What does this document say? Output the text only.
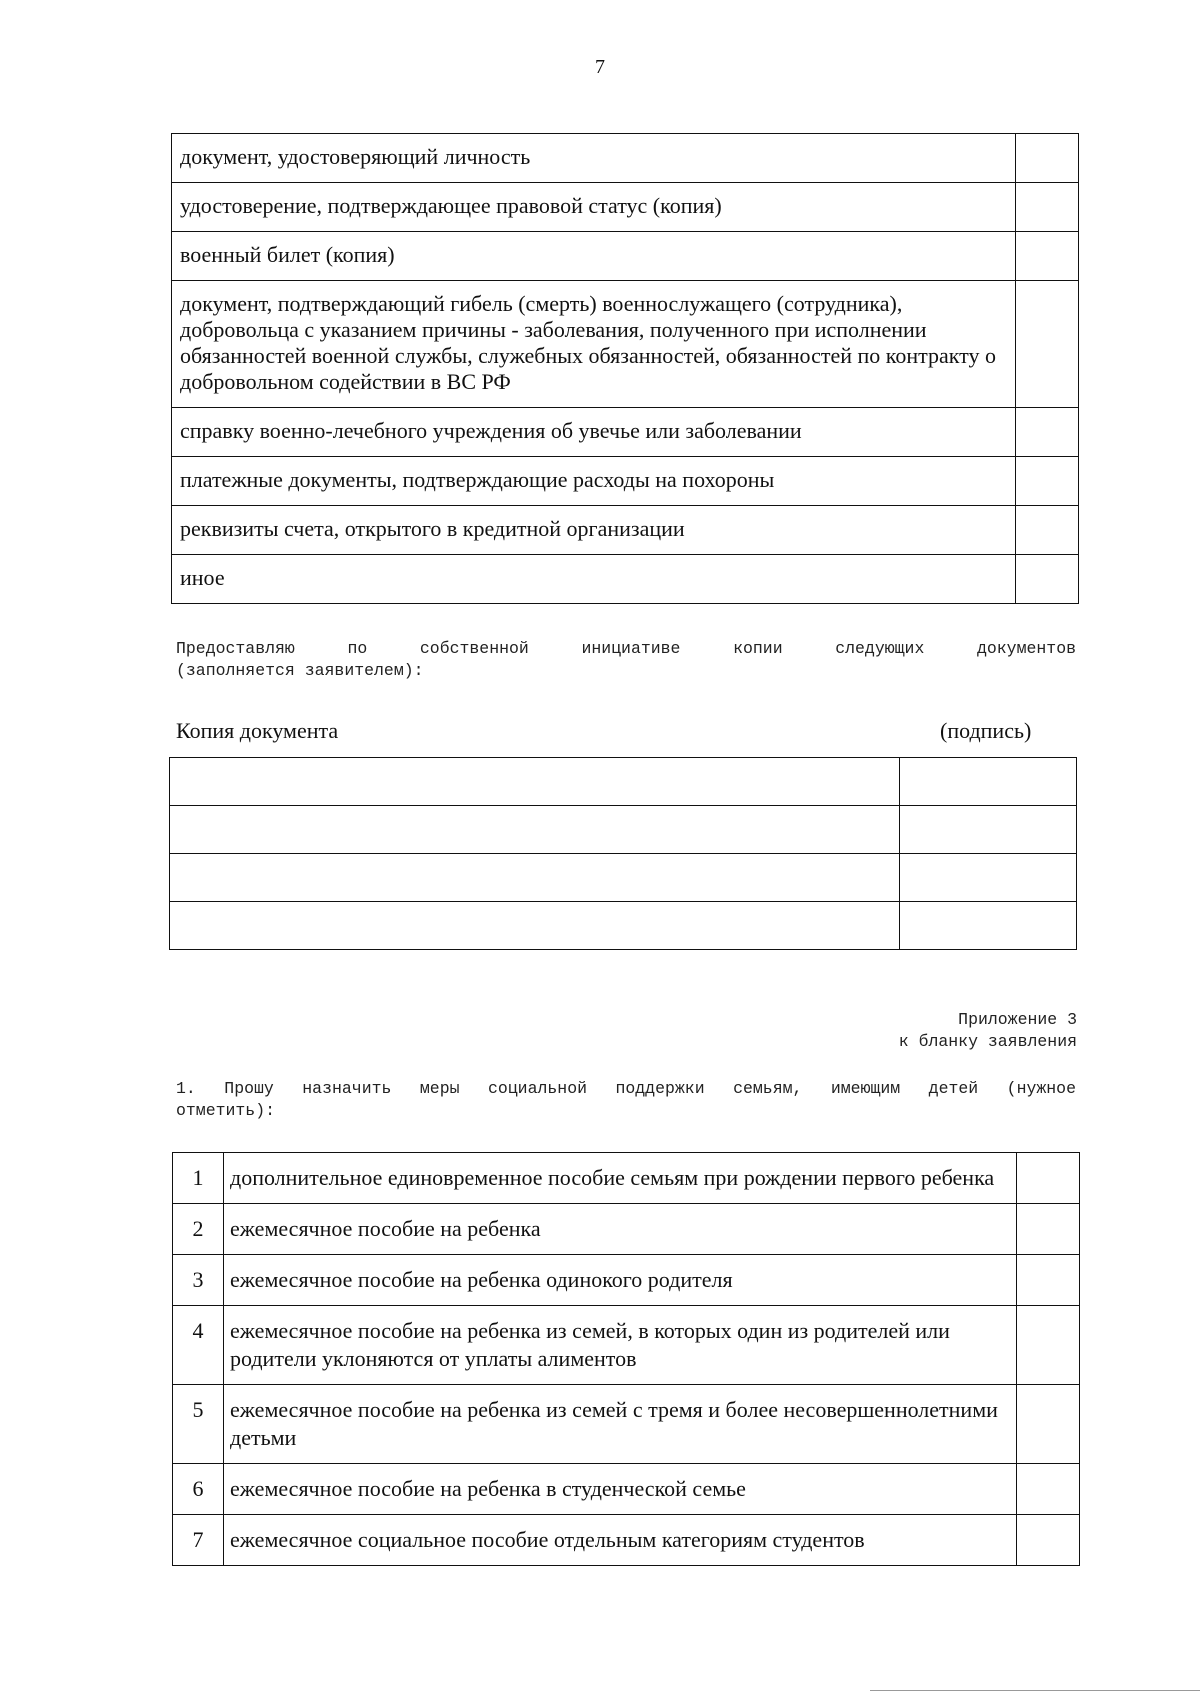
7
документ, удостоверяющий личность	
удостоверение, подтверждающее правовой статус (копия)	
военный билет (копия)	
документ, подтверждающий гибель (смерть) военнослужащего (сотрудника), добровольца с указанием причины - заболевания, полученного при исполнении обязанностей военной службы, служебных обязанностей, обязанностей по контракту о добровольном содействии в ВС РФ	
справку военно-лечебного учреждения об увечье или заболевании	
платежные документы, подтверждающие расходы на похороны	
реквизиты счета, открытого в кредитной организации	
иное	
Предоставляю по собственной инициативе копии следующих документов
(заполняется заявителем):
Копия документа	(подпись)

Приложение 3
к бланку заявления
1. Прошу назначить меры социальной поддержки семьям, имеющим детей (нужное
отметить):
1	дополнительное единовременное пособие семьям при рождении первого ребенка	
2	ежемесячное пособие на ребенка	
3	ежемесячное пособие на ребенка одинокого родителя	
4	ежемесячное пособие на ребенка из семей, в которых один из родителей или родители уклоняются от уплаты алиментов	
5	ежемесячное пособие на ребенка из семей с тремя и более несовершеннолетними детьми	
6	ежемесячное пособие на ребенка в студенческой семье	
7	ежемесячное социальное пособие отдельным категориям студентов	
